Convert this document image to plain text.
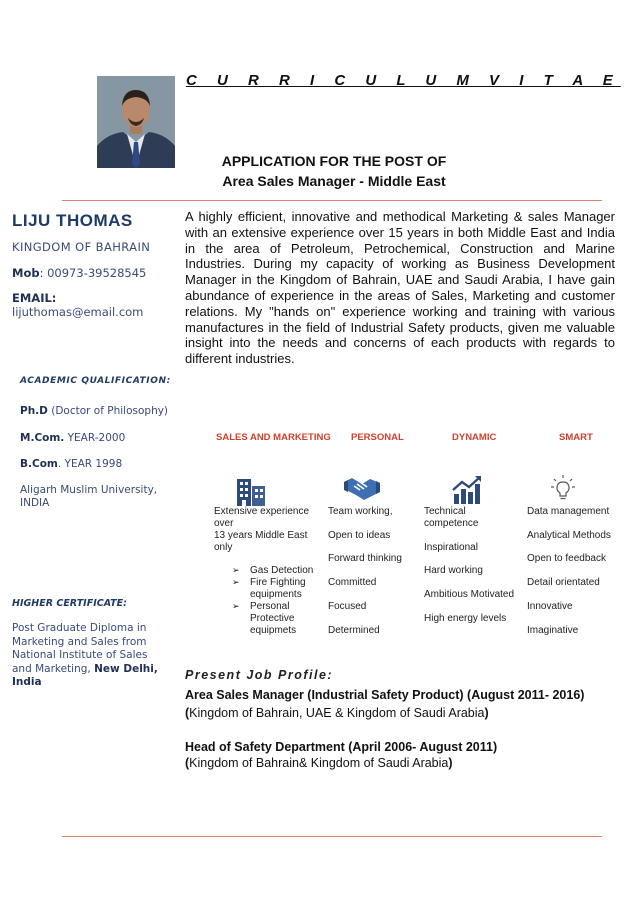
C U R R I C U L U M V I T A E
APPLICATION FOR THE POST OF
Area Sales Manager - Middle East
LIJU THOMAS
KINGDOM OF BAHRAIN
Mob: 00973-39528545
EMAIL:
lijuthomas@email.com
A highly efficient, innovative and methodical Marketing & sales Manager with an extensive experience over 15 years in both Middle East and India in the area of Petroleum, Petrochemical, Construction and Marine Industries. During my capacity of working as Business Development Manager in the Kingdom of Bahrain, UAE and Saudi Arabia, I have gain abundance of experience in the areas of Sales, Marketing and customer relations. My "hands on" experience working and training with various manufactures in the field of Industrial Safety products, given me valuable insight into the needs and concerns of each products with regards to different industries.
ACADEMIC QUALIFICATION:
Ph.D (Doctor of Philosophy)
M.Com. YEAR-2000
B.Com. YEAR 1998
Aligarh Muslim University, INDIA
HIGHER CERTIFICATE:
Post Graduate Diploma in Marketing and Sales from National Institute of Sales and Marketing, New Delhi, India
SALES AND MARKETING PERSONAL	DYNAMIC	SMART
Extensive experience over
13 years Middle East only
➢ Gas Detection
➢ Fire Fighting equipments
➢ Personal Protective equipmets
Team working,
Open to ideas
Forward thinking
Committed
Focused
Determined
Technical competence
Inspirational
Hard working
Ambitious Motivated
High energy levels
Data management
Analytical Methods
Open to feedback
Detail orientated
Innovative
Imaginative
Present Job Profile:
Area Sales Manager (Industrial Safety Product) (August 2011- 2016)
(Kingdom of Bahrain, UAE & Kingdom of Saudi Arabia)
Head of Safety Department (April 2006- August 2011)
(Kingdom of Bahrain& Kingdom of Saudi Arabia)
